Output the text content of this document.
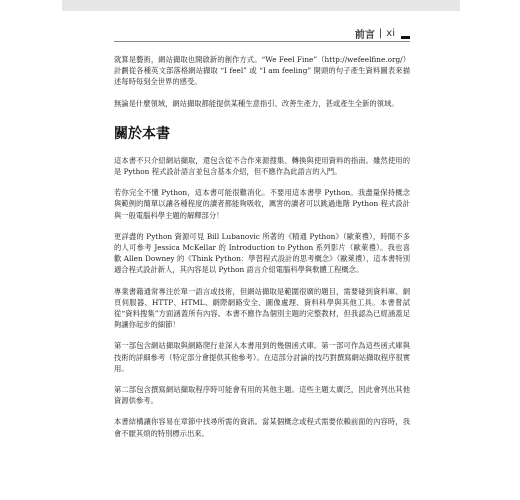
前言 | xi

就算是藝術，網站擷取也開啟新的創作方式。“We Feel Fine”（http://wefeelfine.org/）計劃從各種英文部落格網站擷取 “I feel” 或 “I am feeling” 開頭的句子產生資料圖表來描述每時每刻全世界的感受。

無論是什麼領域，網站擷取都能提供某種生意指引、改善生產力，甚或產生全新的領域。

關於本書

這本書不只介紹網站擷取，還包含從不合作來源搜集、轉換與使用資料的指南。雖然使用的是 Python 程式設計語言並包含基本介紹，但不應作為此語言的入門。

若你完全不懂 Python，這本書可能很難消化。不要用這本書學 Python。我盡量保持概念與範例的簡單以讓各種程度的讀者都能夠吸收，厲害的讀者可以跳過進階 Python 程式設計與一般電腦科學主題的解釋部分！

更詳盡的 Python 資源可見 Bill Lubanovic 所著的《精通 Python》（歐萊禮），時間不多的人可參考 Jessica McKellar 的 Introduction to Python 系列影片（歐萊禮）。我也喜歡 Allen Downey 的《Think Python：學習程式設計的思考概念》（歐萊禮），這本書特別適合程式設計新人，其內容是以 Python 語言介紹電腦科學與軟體工程概念。

專業書籍通常專注於單一語言或技術，但網站擷取是範圍很廣的題目，需要碰到資料庫、網頁伺服器、HTTP、HTML、網際網路安全、圖像處理、資料科學與其他工具。本書嘗試從“資料搜集”方面涵蓋所有內容。本書不應作為個別主題的完整教材，但我認為已經涵蓋足夠讓你起步的細節！

第一部包含網站擷取與網路爬行並深入本書用到的幾個函式庫。第一部可作為這些函式庫與技術的詳細參考（特定部分會提供其他參考）。在這部分討論的技巧對撰寫網站擷取程序很實用。

第二部包含撰寫網站擷取程序時可能會有用的其他主題。這些主題太廣泛，因此會列出其他資源供參考。

本書結構讓你容易在章節中找尋所需的資訊。當某個概念或程式需要依賴前面的內容時，我會不厭其煩的特別標示出來。
